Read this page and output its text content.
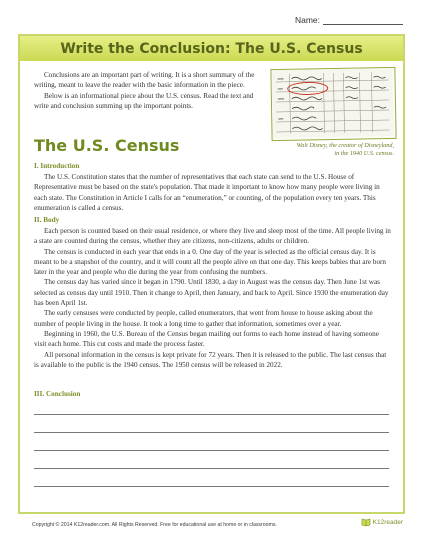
Name:
Write the Conclusion: The U.S. Census

Conclusions are an important part of writing. It is a short summary of the writing, meant to leave the reader with the basic information in the piece.

Below is an informational piece about the U.S. census. Read the text and write and conclusion summing up the important points.

Walt Disney, the creator of Disneyland,
in the 1940 U.S. census.
The U.S. Census
I. Introduction

The U.S. Constitution states that the number of representatives that each state can send to the U.S. House of Representative must be based on the state's population. That made it important to know how many people were living in each state. The Constitution in Article I calls for an “enumeration,” or counting, of the population every ten years. This enumeration is called a census.

II. Body

Each person is counted based on their usual residence, or where they live and sleep most of the time. All people living in a state are counted during the census, whether they are citizens, non-citizens, adults or children.

The census is conducted in each year that ends in a 0. One day of the year is selected as the official census day. It is meant to be a snapshot of the country, and it will count all the people alive on that one day. This keeps babies that are born later in the year and people who die during the year from confusing the numbers.

The census day has varied since it began in 1790. Until 1830, a day in August was the census day. Then June 1st was selected as census day until 1910. Then it change to April, then January, and back to April. Since 1930 the enumeration day has been April 1st.

The early censuses were conducted by people, called enumerators, that went from house to house asking about the number of people living in the house. It took a long time to gather that information, sometimes over a year.

Beginning in 1960, the U.S. Bureau of the Census began mailing out forms to each home instead of having someone visit each home. This cut costs and made the process faster.

All personal information in the census is kept private for 72 years. Then it is released to the public. The last census that is available to the public is the 1940 census. The 1950 census will be released in 2022.

III. Conclusion
Copyright © 2014 K12reader.com. All Rights Reserved. Free for educational use at home or in classrooms.	K12reader
